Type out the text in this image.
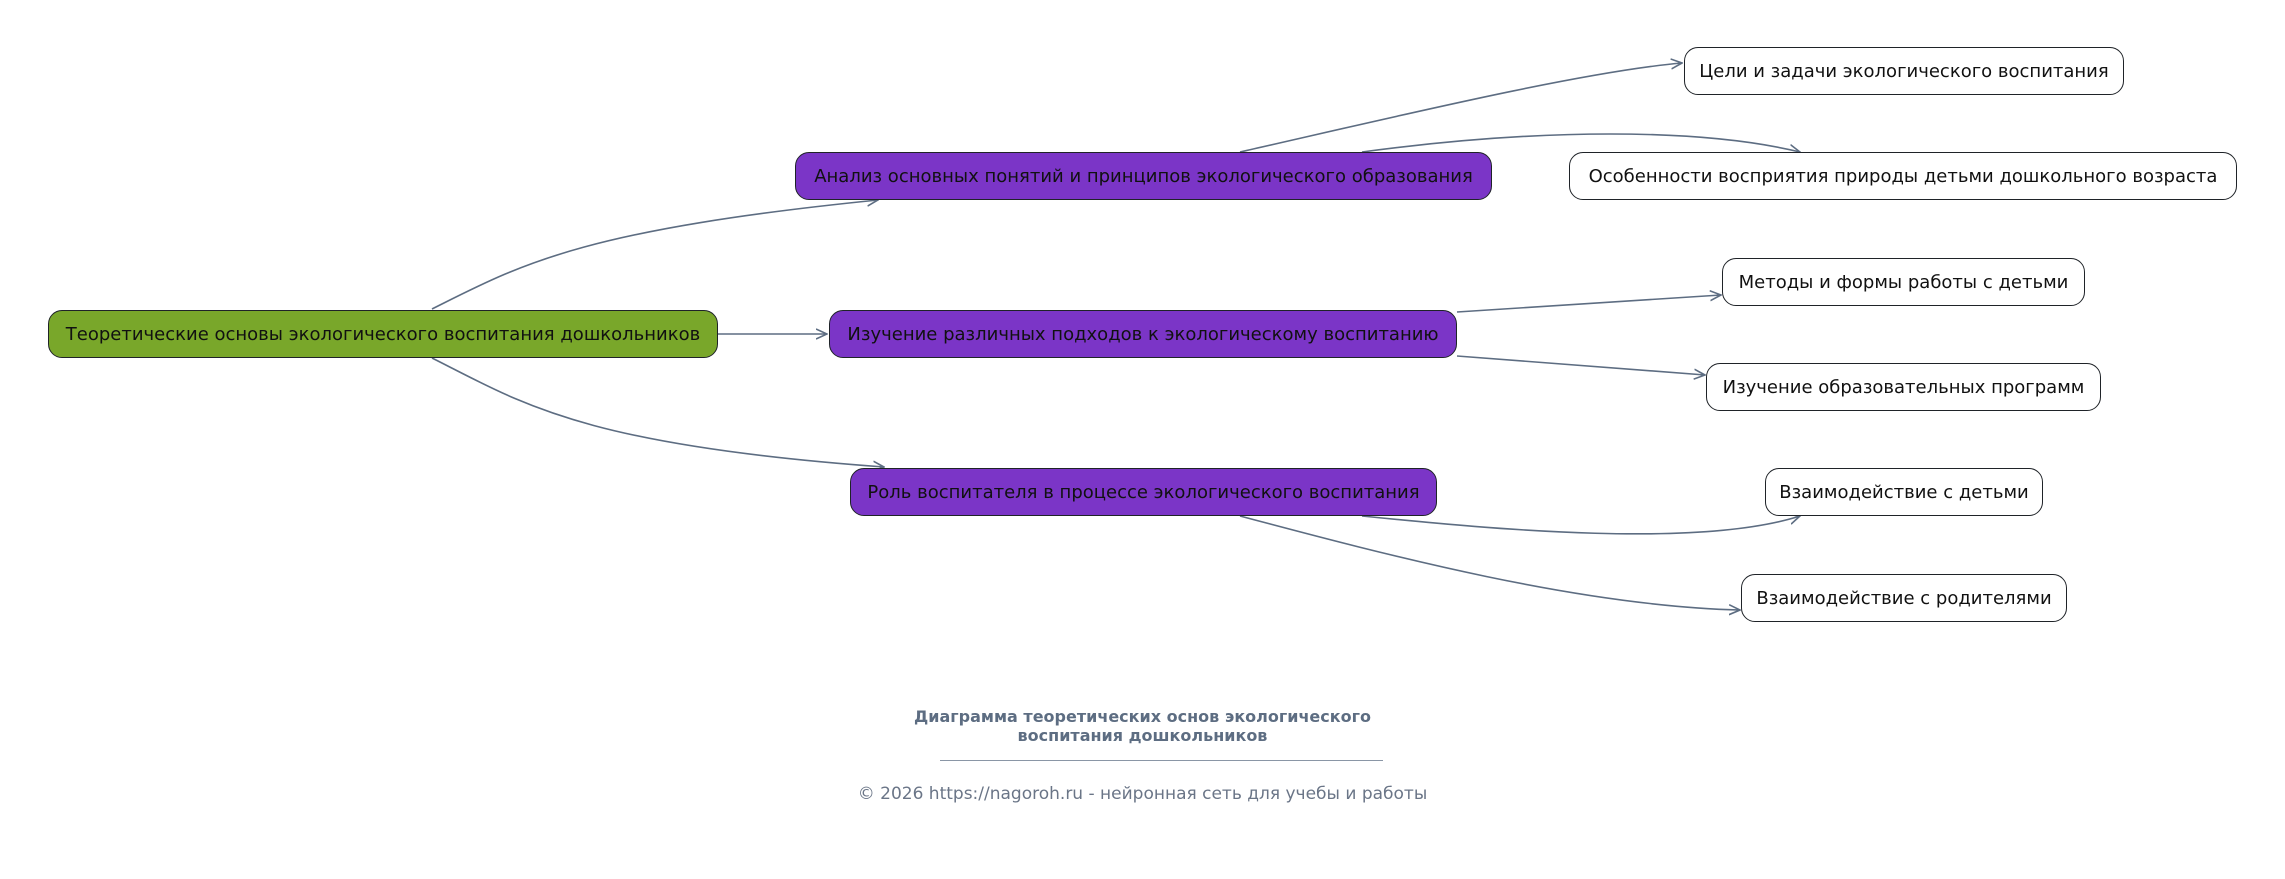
Теоретические основы экологического воспитания дошкольников
Анализ основных понятий и принципов экологического образования
Изучение различных подходов к экологическому воспитанию
Роль воспитателя в процессе экологического воспитания
Цели и задачи экологического воспитания
Особенности восприятия природы детьми дошкольного возраста
Методы и формы работы с детьми
Изучение образовательных программ
Взаимодействие с детьми
Взаимодействие с родителями
Диаграмма теоретических основ экологического
воспитания дошкольников
© 2026 https://nagoroh.ru - нейронная сеть для учебы и работы
